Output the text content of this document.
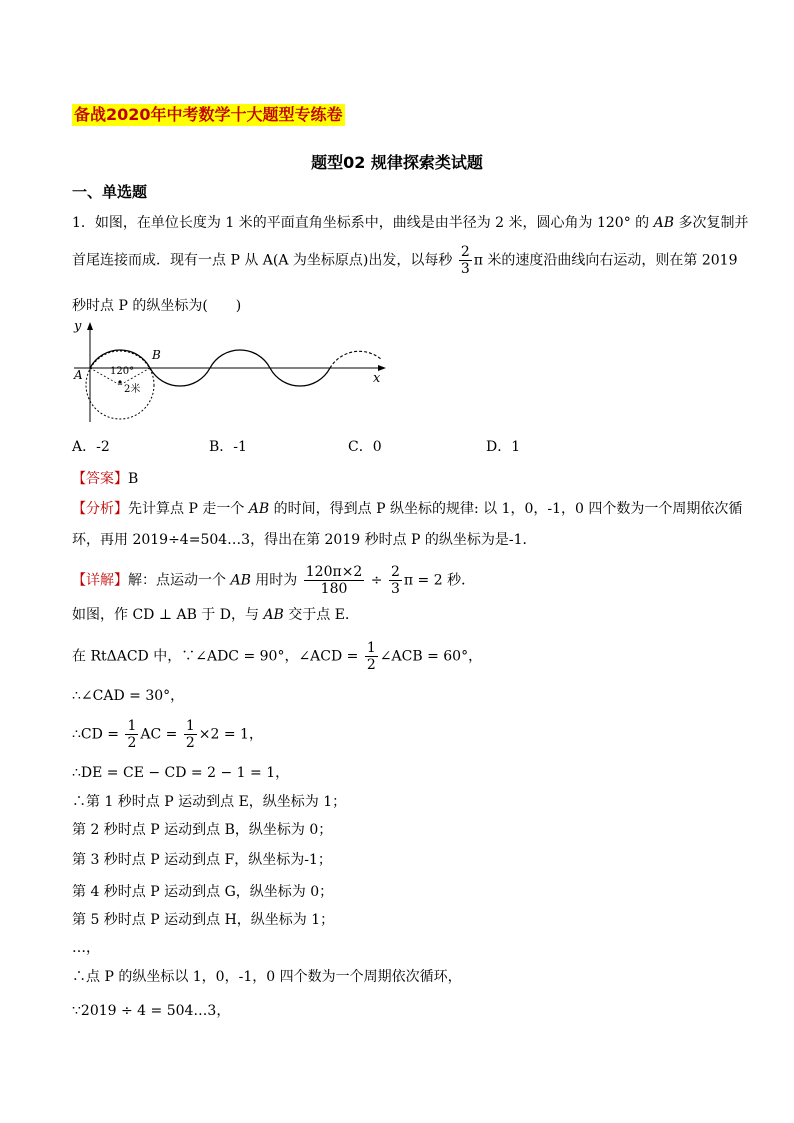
备战2020年中考数学十大题型专练卷
题型02 规律探索类试题
一、单选题
1．如图，在单位长度为 1 米的平面直角坐标系中，曲线是由半径为 2 米，圆心角为 120° 的 AB 多次复制并
首尾连接而成．现有一点 P 从 A(A 为坐标原点)出发，以每秒 $\frac{2}{3}$ π 米的速度沿曲线向右运动，则在第 2019
秒时点 P 的纵坐标为(　　)
y
x
A
B
120°
2米
A．-2	B．-1	C．0	D．1
【答案】B
【分析】先计算点 P 走一个 AB 的时间，得到点 P 纵坐标的规律: 以 1，0，-1，0 四个数为一个周期依次循
环，再用 2019÷4=504…3，得出在第 2019 秒时点 P 的纵坐标为是-1．
【详解】解：点运动一个 AB 用时为 $\frac{120\pi\times 2}{180} \div \frac{2}{3}$ π = 2 秒．
如图，作 CD ⊥ AB 于 D，与 AB 交于点 E．
在 RtΔACD 中，∵∠ADC = 90°，∠ACD = $\frac{1}{2}$ ∠ACB = 60°，
∴∠CAD = 30°，
∴CD = $\frac{1}{2}$ AC = $\frac{1}{2} \times 2 = 1$，
∴DE = CE − CD = 2 − 1 = 1，
∴第 1 秒时点 P 运动到点 E，纵坐标为 1；
第 2 秒时点 P 运动到点 B，纵坐标为 0；
第 3 秒时点 P 运动到点 F，纵坐标为-1；
第 4 秒时点 P 运动到点 G，纵坐标为 0；
第 5 秒时点 P 运动到点 H，纵坐标为 1；
…，
∴点 P 的纵坐标以 1，0，-1，0 四个数为一个周期依次循环，
∵2019 ÷ 4 = 504…3，
